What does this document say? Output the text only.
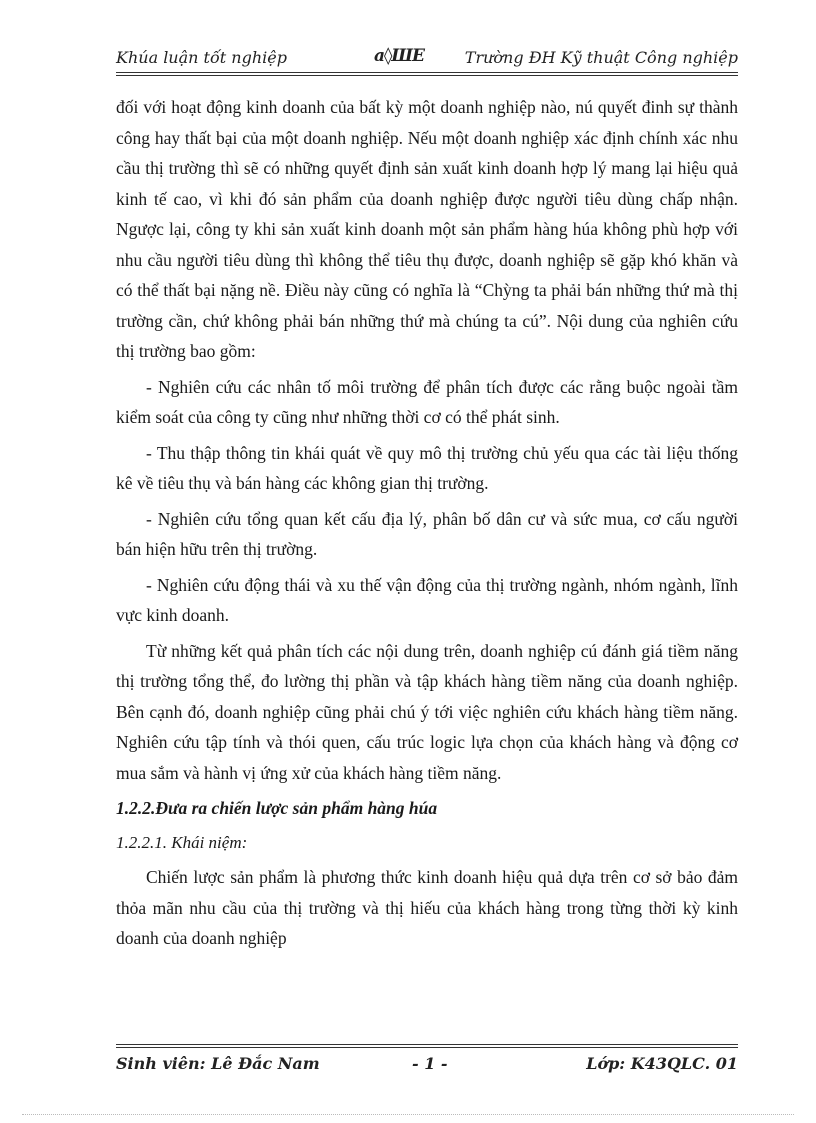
Khúa luận tốt nghiệp	a◊ШЕ	Trường ĐH Kỹ thuật Công nghiệp

đối với hoạt động kinh doanh của bất kỳ một doanh nghiệp nào, nú quyết đinh sự thành công hay thất bại của một doanh nghiệp. Nếu một doanh nghiệp xác định chính xác nhu cầu thị trường thì sẽ có những quyết định sản xuất kinh doanh hợp lý mang lại hiệu quả kinh tế cao, vì khi đó sản phẩm của doanh nghiệp được người tiêu dùng chấp nhận. Ngược lại, công ty khi sản xuất kinh doanh một sản phẩm hàng húa không phù hợp với nhu cầu người tiêu dùng thì không thể tiêu thụ được, doanh nghiệp sẽ gặp khó khăn và có thể thất bại nặng nề. Điều này cũng có nghĩa là “Chỳng ta phải bán những thứ mà thị trường cần, chứ không phải bán những thứ mà chúng ta cú”. Nội dung của nghiên cứu thị trường bao gồm:

- Nghiên cứu các nhân tố môi trường để phân tích được các rằng buộc ngoài tầm kiểm soát của công ty cũng như những thời cơ có thể phát sinh.

- Thu thập thông tin khái quát về quy mô thị trường chủ yếu qua các tài liệu thống kê về tiêu thụ và bán hàng các không gian thị trường.

- Nghiên cứu tổng quan kết cấu địa lý, phân bố dân cư và sức mua, cơ cấu người bán hiện hữu trên thị trường.

- Nghiên cứu động thái và xu thế vận động của thị trường ngành, nhóm ngành, lĩnh vực kinh doanh.

Từ những kết quả phân tích các nội dung trên, doanh nghiệp cú đánh giá tiềm năng thị trường tổng thể, đo lường thị phần và tập khách hàng tiềm năng của doanh nghiệp. Bên cạnh đó, doanh nghiệp cũng phải chú ý tới việc nghiên cứu khách hàng tiềm năng. Nghiên cứu tập tính và thói quen, cấu trúc logic lựa chọn của khách hàng và động cơ mua sắm và hành vị ứng xử của khách hàng tiềm năng.

1.2.2.Đưa ra chiến lược sản phẩm hàng húa
1.2.2.1. Khái niệm:

Chiến lược sản phẩm là phương thức kinh doanh hiệu quả dựa trên cơ sở bảo đảm thỏa mãn nhu cầu của thị trường và thị hiếu của khách hàng trong từng thời kỳ kinh doanh của doanh nghiệp

Sinh viên: Lê Đắc Nam	- 1 -	Lớp: K43QLC. 01
